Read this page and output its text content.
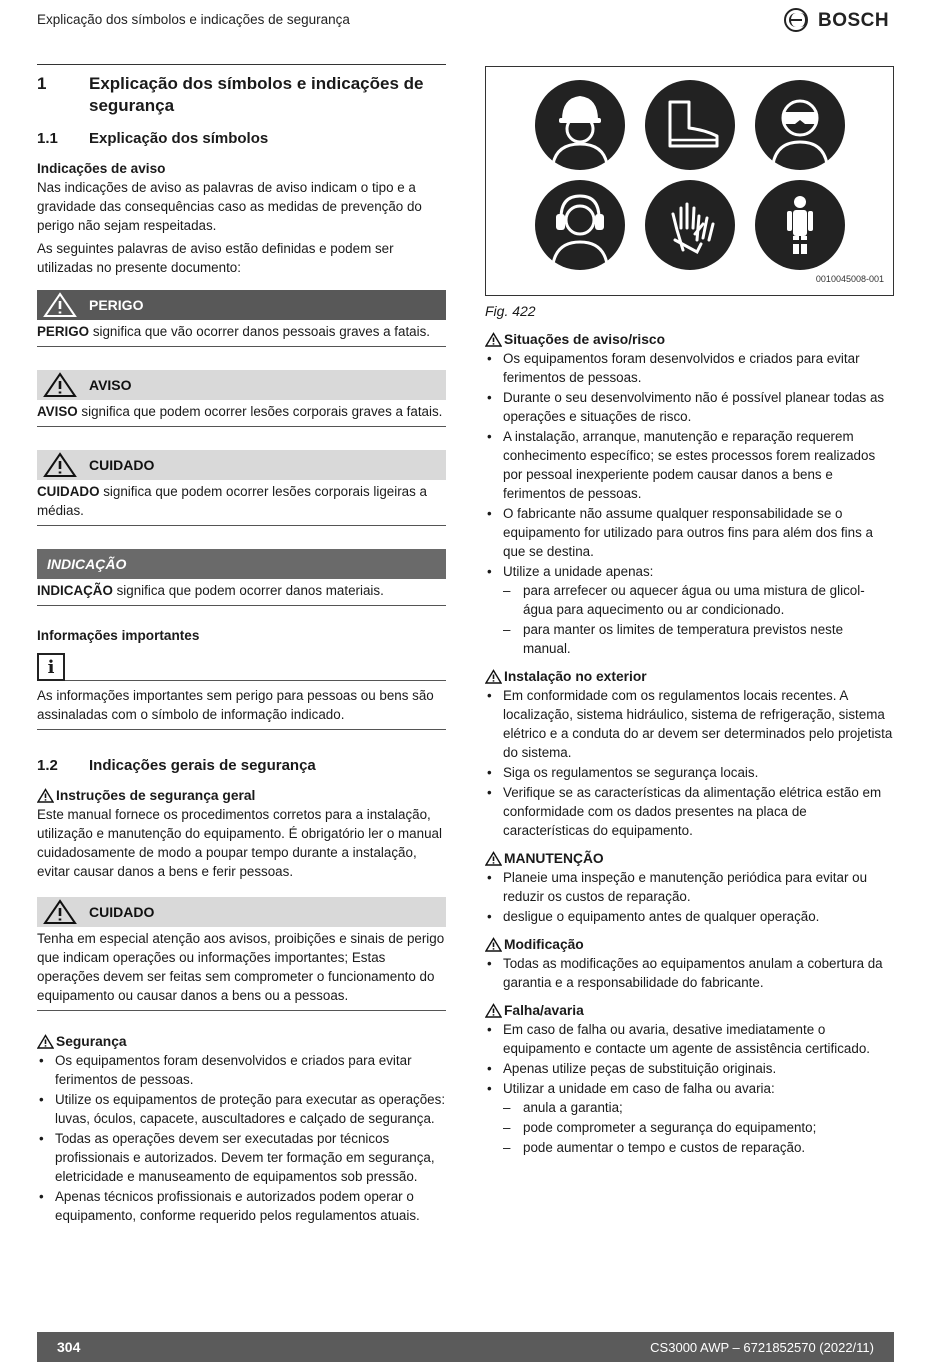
Explicação dos símbolos e indicações de segurança	BOSCH
1	Explicação dos símbolos e indicações de segurança
1.1	Explicação dos símbolos
Indicações de aviso

Nas indicações de aviso as palavras de aviso indicam o tipo e a gravidade das consequências caso as medidas de prevenção do perigo não sejam respeitadas.

As seguintes palavras de aviso estão definidas e podem ser utilizadas no presente documento:

PERIGO
PERIGO significa que vão ocorrer danos pessoais graves a fatais.
AVISO
AVISO significa que podem ocorrer lesões corporais graves a fatais.
CUIDADO
CUIDADO significa que podem ocorrer lesões corporais ligeiras a médias.
INDICAÇÃO
INDICAÇÃO significa que podem ocorrer danos materiais.
Informações importantes
i

As informações importantes sem perigo para pessoas ou bens são assinaladas com o símbolo de informação indicado.

1.2	Indicações gerais de segurança
Instruções de segurança geral

Este manual fornece os procedimentos corretos para a instalação, utilização e manutenção do equipamento. É obrigatório ler o manual cuidadosamente de modo a poupar tempo durante a instalação, evitar causar danos a bens e ferir pessoas.

CUIDADO
Tenha em especial atenção aos avisos, proibições e sinais de perigo que indicam operações ou informações importantes; Estas operações devem ser feitas sem comprometer o funcionamento do equipamento ou causar danos a bens ou a pessoas.
Segurança
• Os equipamentos foram desenvolvidos e criados para evitar ferimentos de pessoas.
• Utilize os equipamentos de proteção para executar as operações: luvas, óculos, capacete, auscultadores e calçado de segurança.
• Todas as operações devem ser executadas por técnicos profissionais e autorizados. Devem ter formação em segurança, eletricidade e manuseamento de equipamentos sob pressão.
• Apenas técnicos profissionais e autorizados podem operar o equipamento, conforme requerido pelos regulamentos atuais.
0010045008-001
Fig. 422
Situações de aviso/risco
• Os equipamentos foram desenvolvidos e criados para evitar ferimentos de pessoas.
• Durante o seu desenvolvimento não é possível planear todas as operações e situações de risco.
• A instalação, arranque, manutenção e reparação requerem conhecimento específico; se estes processos forem realizados por pessoal inexperiente podem causar danos a bens e ferimentos de pessoas.
• O fabricante não assume qualquer responsabilidade se o equipamento for utilizado para outros fins para além dos fins a que se destina.
• Utilize a unidade apenas:
– para arrefecer ou aquecer água ou uma mistura de glicol-água para aquecimento ou ar condicionado.
– para manter os limites de temperatura previstos neste manual.
Instalação no exterior
• Em conformidade com os regulamentos locais recentes. A localização, sistema hidráulico, sistema de refrigeração, sistema elétrico e a conduta do ar devem ser determinados pelo projetista do sistema.
• Siga os regulamentos se segurança locais.
• Verifique se as características da alimentação elétrica estão em conformidade com os dados presentes na placa de características do equipamento.
MANUTENÇÃO
• Planeie uma inspeção e manutenção periódica para evitar ou reduzir os custos de reparação.
• desligue o equipamento antes de qualquer operação.
Modificação
• Todas as modificações ao equipamentos anulam a cobertura da garantia e a responsabilidade do fabricante.
Falha/avaria
• Em caso de falha ou avaria, desative imediatamente o equipamento e contacte um agente de assistência certificado.
• Apenas utilize peças de substituição originais.
• Utilizar a unidade em caso de falha ou avaria:
– anula a garantia;
– pode comprometer a segurança do equipamento;
– pode aumentar o tempo e custos de reparação.
304	CS3000 AWP – 6721852570 (2022/11)
